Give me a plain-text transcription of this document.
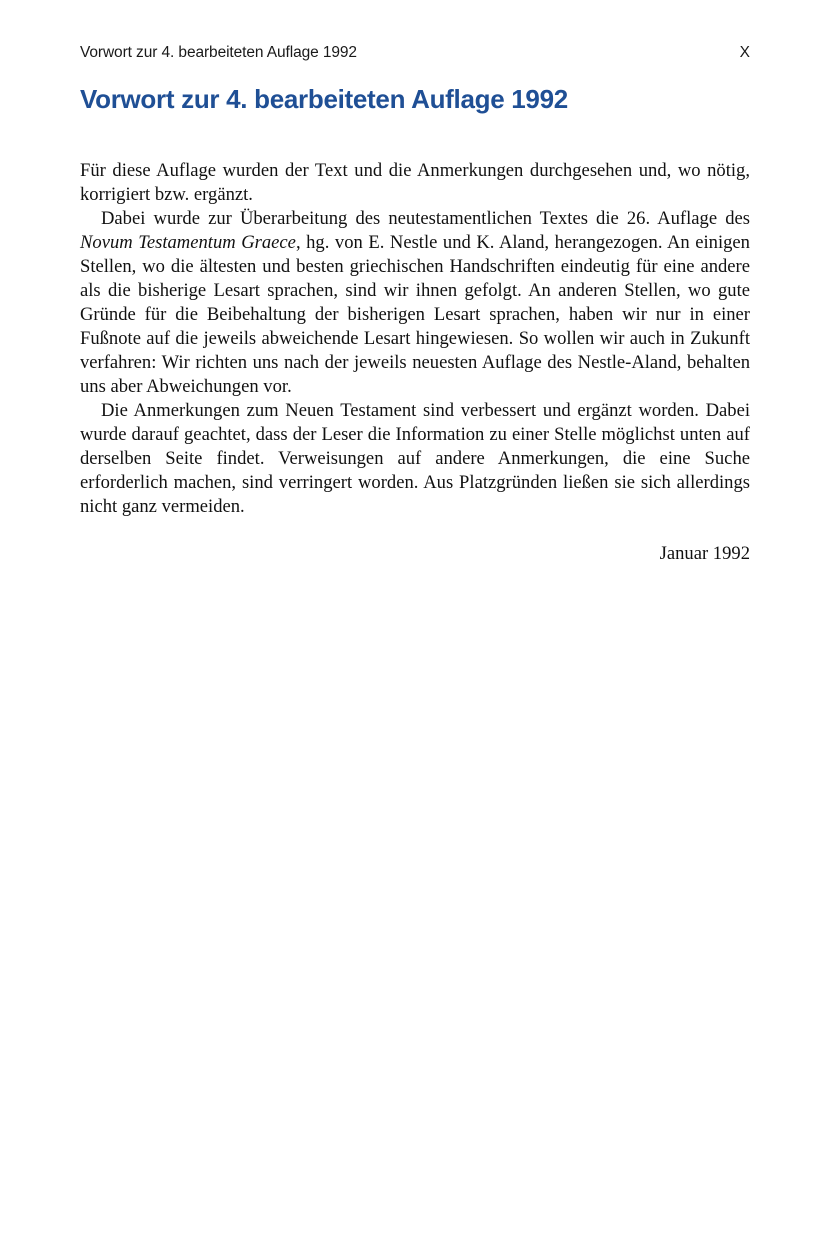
Vorwort zur 4. bearbeiteten Auflage 1992	X
Vorwort zur 4. bearbeiteten Auflage 1992

Für diese Auflage wurden der Text und die Anmerkungen durchgesehen und, wo nötig, korrigiert bzw. ergänzt.

Dabei wurde zur Überarbeitung des neutestamentlichen Textes die 26. Auflage des Novum Testamentum Graece, hg. von E. Nestle und K. Aland, herangezogen. An einigen Stellen, wo die ältesten und besten griechischen Handschriften eindeutig für eine andere als die bisherige Lesart sprachen, sind wir ihnen gefolgt. An anderen Stellen, wo gute Gründe für die Beibehaltung der bisherigen Lesart sprachen, haben wir nur in einer Fußnote auf die jeweils abweichende Lesart hingewiesen. So wollen wir auch in Zukunft verfahren: Wir richten uns nach der jeweils neuesten Auflage des Nestle-Aland, behalten uns aber Abweichungen vor.

Die Anmerkungen zum Neuen Testament sind verbessert und ergänzt worden. Dabei wurde darauf geachtet, dass der Leser die Information zu einer Stelle möglichst unten auf derselben Seite findet. Verweisungen auf andere Anmerkungen, die eine Suche erforderlich machen, sind verringert worden. Aus Platzgründen ließen sie sich allerdings nicht ganz vermeiden.

Januar 1992
